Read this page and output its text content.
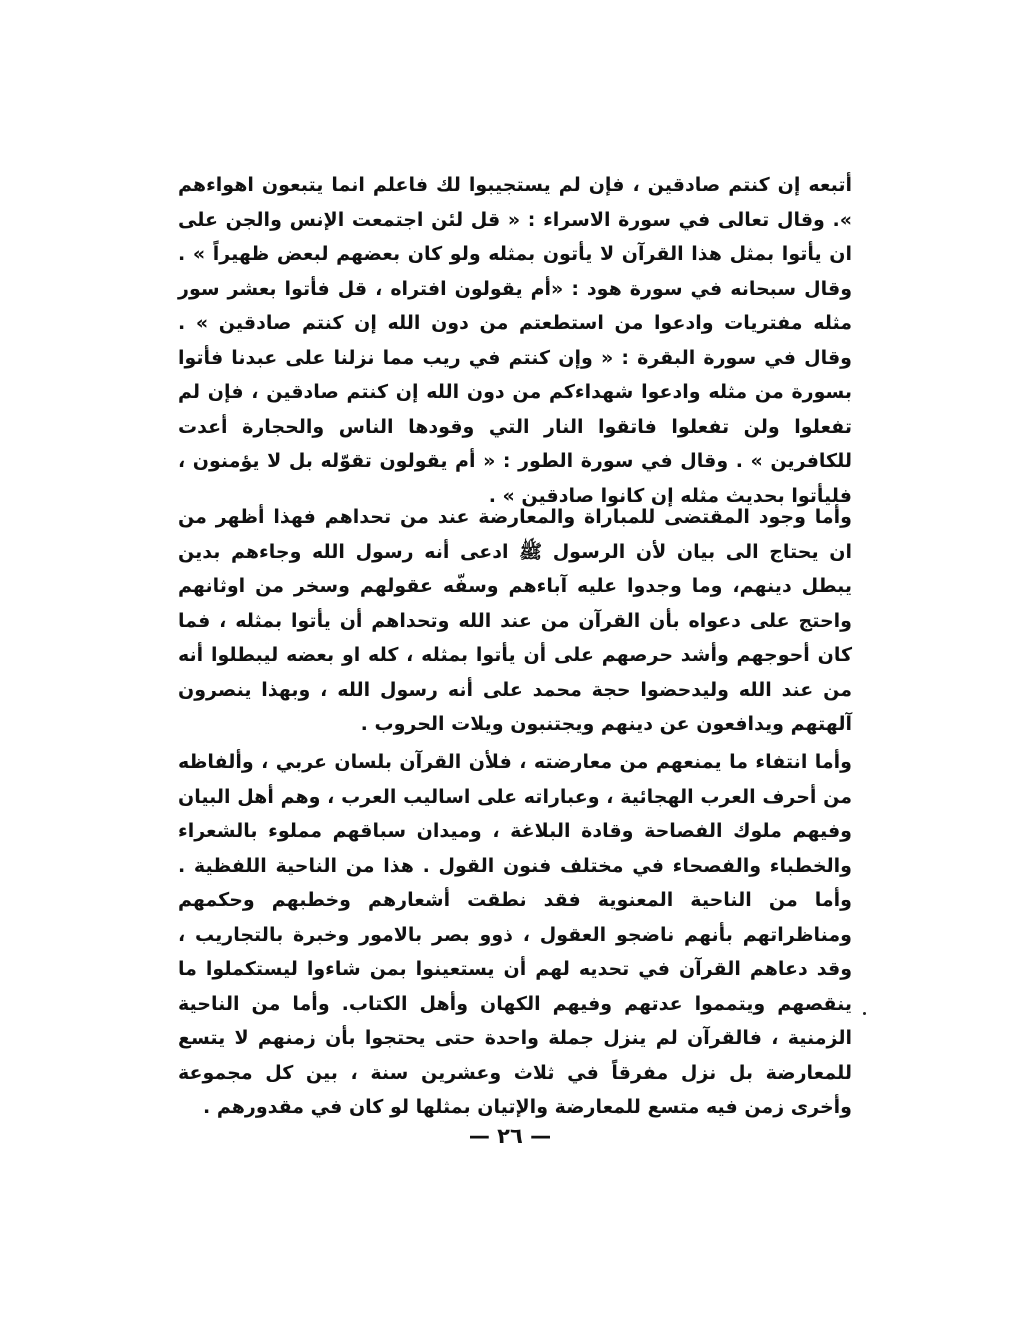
أتبعه إن كنتم صادقين ، فإن لم يستجيبوا لك فاعلم انما يتبعون اهواءهم ». وقال تعالى في سورة الاسراء : « قل لئن اجتمعت الإنس والجن على ان يأتوا بمثل هذا القرآن لا يأتون بمثله ولو كان بعضهم لبعض ظهيراً » . وقال سبحانه في سورة هود : «أم يقولون افتراه ، قل فأتوا بعشر سور مثله مفتريات وادعوا من استطعتم من دون الله إن كنتم صادقين » . وقال في سورة البقرة : « وإن كنتم في ريب مما نزلنا على عبدنا فأتوا بسورة من مثله وادعوا شهداءكم من دون الله إن كنتم صادقين ، فإن لم تفعلوا ولن تفعلوا فاتقوا النار التي وقودها الناس والحجارة أعدت للكافرين » . وقال في سورة الطور : « أم يقولون تقوّله بل لا يؤمنون ، فليأتوا بحديث مثله إن كانوا صادقين » .

وأما وجود المقتضى للمباراة والمعارضة عند من تحداهم فهذا أظهر من ان يحتاج الى بيان لأن الرسول ﷺ ادعى أنه رسول الله وجاءهم بدين يبطل دينهم، وما وجدوا عليه آباءهم وسفّه عقولهم وسخر من اوثانهم واحتج على دعواه بأن القرآن من عند الله وتحداهم أن يأتوا بمثله ، فما كان أحوجهم وأشد حرصهم على أن يأتوا بمثله ، كله او بعضه ليبطلوا أنه من عند الله وليدحضوا حجة محمد على أنه رسول الله ، وبهذا ينصرون آلهتهم ويدافعون عن دينهم ويجتنبون ويلات الحروب .

وأما انتفاء ما يمنعهم من معارضته ، فلأن القرآن بلسان عربي ، وألفاظه من أحرف العرب الهجائية ، وعباراته على اساليب العرب ، وهم أهل البيان وفيهم ملوك الفصاحة وقادة البلاغة ، وميدان سباقهم مملوء بالشعراء والخطباء والفصحاء في مختلف فنون القول . هذا من الناحية اللفظية . وأما من الناحية المعنوية فقد نطقت أشعارهم وخطبهم وحكمهم ومناظراتهم بأنهم ناضجو العقول ، ذوو بصر بالامور وخبرة بالتجاريب ، وقد دعاهم القرآن في تحديه لهم أن يستعينوا بمن شاءوا ليستكملوا ما ينقصهم ويتمموا عدتهم وفيهم الكهان وأهل الكتاب. وأما من الناحية الزمنية ، فالقرآن لم ينزل جملة واحدة حتى يحتجوا بأن زمنهم لا يتسع للمعارضة بل نزل مفرقاً في ثلاث وعشرين سنة ، بين كل مجموعة وأخرى زمن فيه متسع للمعارضة والإتيان بمثلها لو كان في مقدورهم .

— ٢٦ —
